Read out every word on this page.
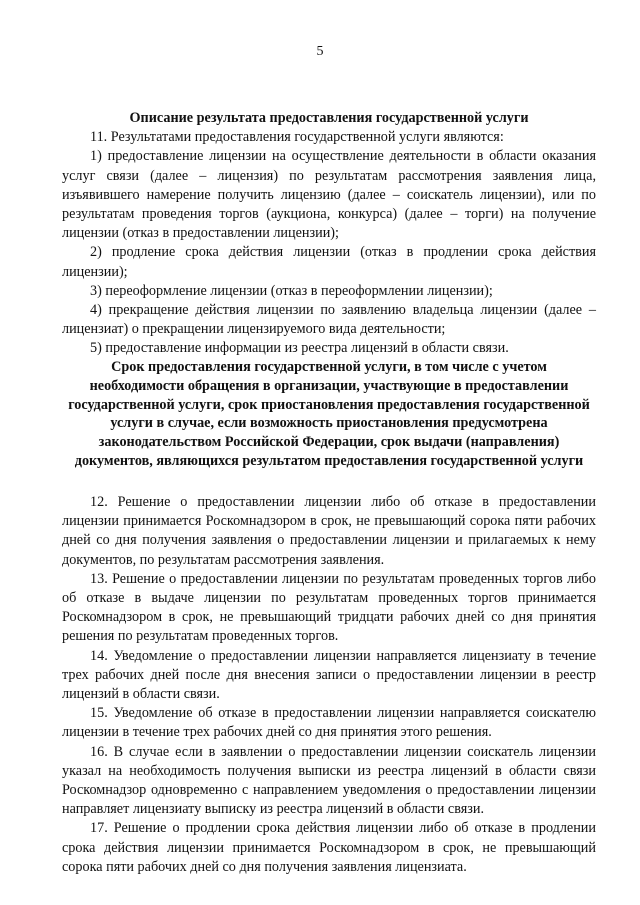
5

Описание результата предоставления государственной услуги

11. Результатами предоставления государственной услуги являются:

1) предоставление лицензии на осуществление деятельности в области оказания услуг связи (далее – лицензия) по результатам рассмотрения заявления лица, изъявившего намерение получить лицензию (далее – соискатель лицензии), или по результатам проведения торгов (аукциона, конкурса) (далее – торги) на получение лицензии (отказ в предоставлении лицензии);

2) продление срока действия лицензии (отказ в продлении срока действия лицензии);

3) переоформление лицензии (отказ в переоформлении лицензии);

4) прекращение действия лицензии по заявлению владельца лицензии (далее – лицензиат) о прекращении лицензируемого вида деятельности;

5) предоставление информации из реестра лицензий в области связи.

Срок предоставления государственной услуги, в том числе с учетом необходимости обращения в организации, участвующие в предоставлении государственной услуги, срок приостановления предоставления государственной услуги в случае, если возможность приостановления предусмотрена законодательством Российской Федерации, срок выдачи (направления) документов, являющихся результатом предоставления государственной услуги

12. Решение о предоставлении лицензии либо об отказе в предоставлении лицензии принимается Роскомнадзором в срок, не превышающий сорока пяти рабочих дней со дня получения заявления о предоставлении лицензии и прилагаемых к нему документов, по результатам рассмотрения заявления.

13. Решение о предоставлении лицензии по результатам проведенных торгов либо об отказе в выдаче лицензии по результатам проведенных торгов принимается Роскомнадзором в срок, не превышающий тридцати рабочих дней со дня принятия решения по результатам проведенных торгов.

14. Уведомление о предоставлении лицензии направляется лицензиату в течение трех рабочих дней после дня внесения записи о предоставлении лицензии в реестр лицензий в области связи.

15. Уведомление об отказе в предоставлении лицензии направляется соискателю лицензии в течение трех рабочих дней со дня принятия этого решения.

16. В случае если в заявлении о предоставлении лицензии соискатель лицензии указал на необходимость получения выписки из реестра лицензий в области связи Роскомнадзор одновременно с направлением уведомления о предоставлении лицензии направляет лицензиату выписку из реестра лицензий в области связи.

17. Решение о продлении срока действия лицензии либо об отказе в продлении срока действия лицензии принимается Роскомнадзором в срок, не превышающий сорока пяти рабочих дней со дня получения заявления лицензиата.
